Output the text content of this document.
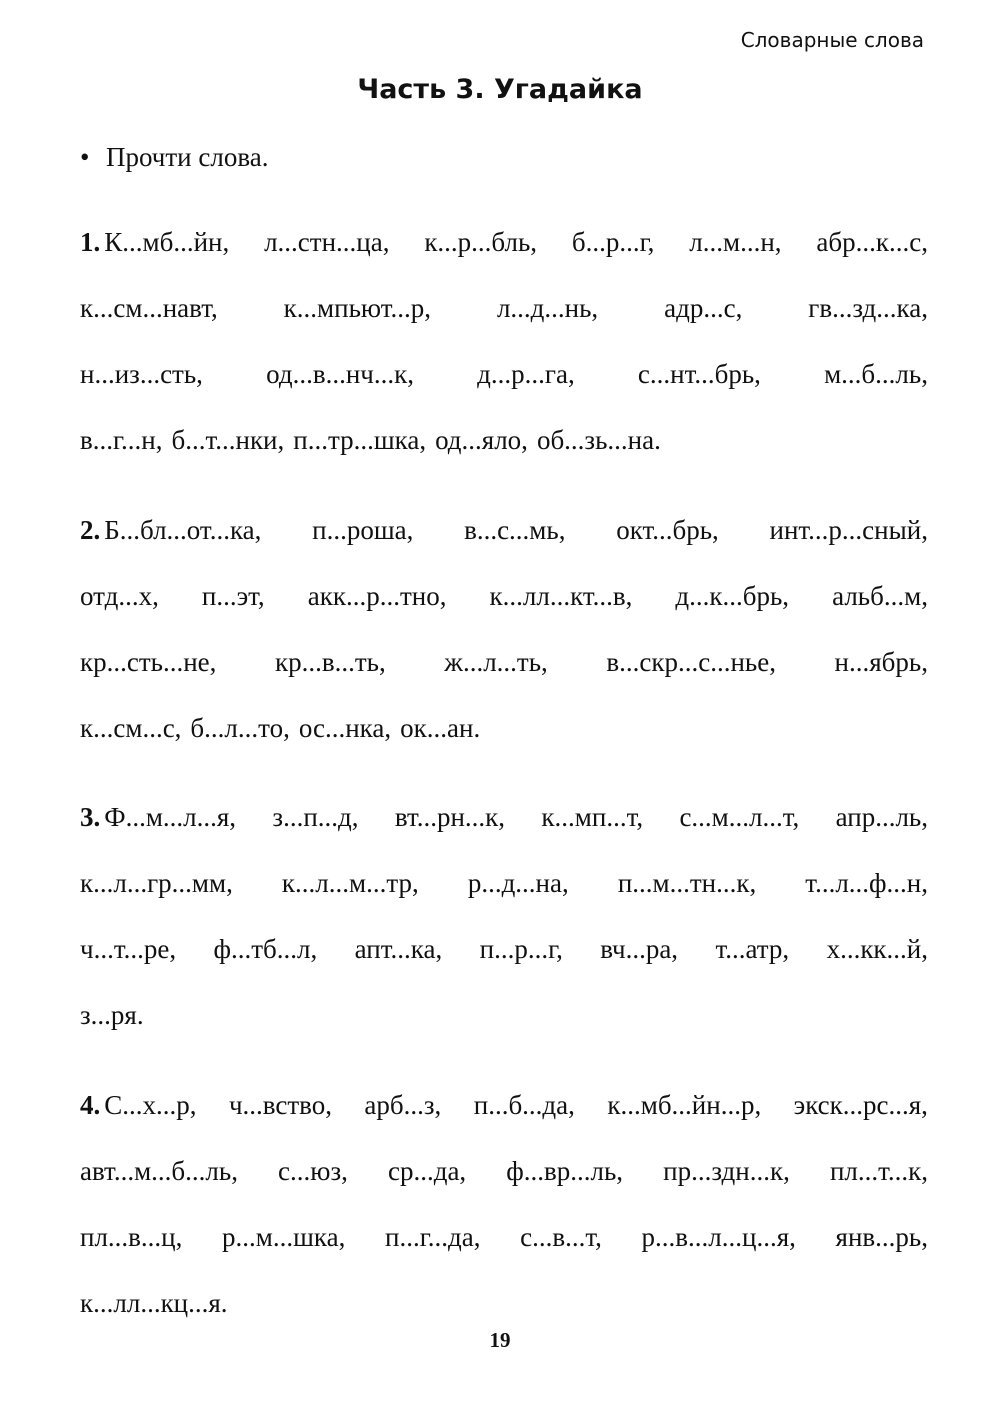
Словарные слова
Часть 3. Угадайка
• Прочти слова.
1. К...мб...йн, л...стн...ца, к...р...бль, б...р...г, л...м...н, абр...к...с,
к...см...навт, к...мпьют...р, л...д...нь, адр...с, гв...зд...ка,
н...из...сть, од...в...нч...к, д...р...га, с...нт...брь, м...б...ль,
в...г...н, б...т...нки, п...тр...шка, од...яло, об...зь...на.
2. Б...бл...от...ка, п...роша, в...с...мь, окт...брь, инт...р...сный,
отд...х, п...эт, акк...р...тно, к...лл...кт...в, д...к...брь, альб...м,
кр...сть...не, кр...в...ть, ж...л...ть, в...скр...с...нье, н...ябрь,
к...см...с, б...л...то, ос...нка, ок...ан.
3. Ф...м...л...я, з...п...д, вт...рн...к, к...мп...т, с...м...л...т, апр...ль,
к...л...гр...мм, к...л...м...тр, р...д...на, п...м...тн...к, т...л...ф...н,
ч...т...ре, ф...тб...л, апт...ка, п...р...г, вч...ра, т...атр, х...кк...й,
з...ря.
4. С...х...р, ч...вство, арб...з, п...б...да, к...мб...йн...р, экск...рс...я,
авт...м...б...ль, с...юз, ср...да, ф...вр...ль, пр...здн...к, пл...т...к,
пл...в...ц, р...м...шка, п...г...да, с...в...т, р...в...л...ц...я, янв...рь,
к...лл...кц...я.
19
